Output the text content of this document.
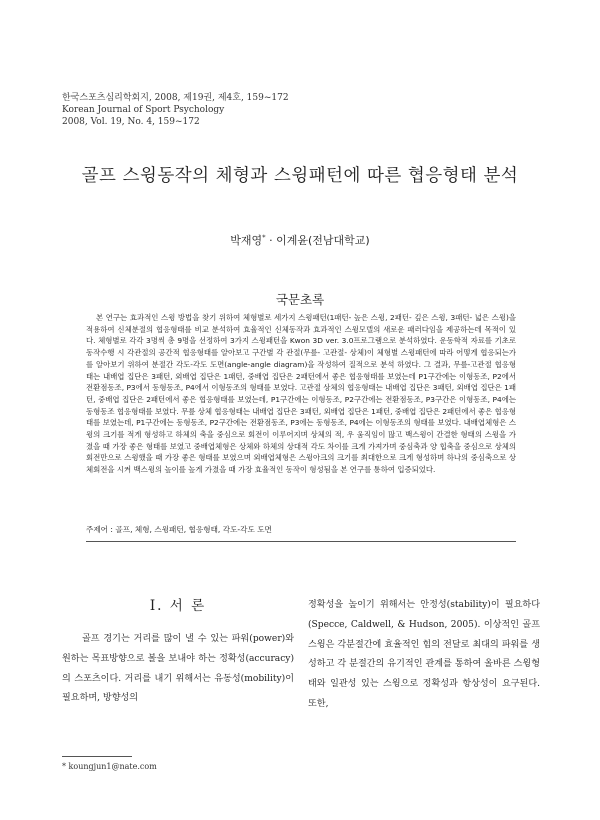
한국스포츠심리학회지, 2008, 제19권, 제4호, 159~172
Korean Journal of Sport Psychology
2008, Vol. 19, No. 4, 159~172
골프 스윙동작의 체형과 스윙패턴에 따른 협응형태 분석
박재영* · 이계윤(전남대학교)
국문초록

본 연구는 효과적인 스윙 방법을 찾기 위하여 체형별로 세가지 스윙패턴(1패턴- 높은 스윙, 2패턴- 깊은 스윙, 3패턴- 넓은 스윙)을 적용하여 신체분절의 협응형태를 비교 분석하여 효율적인 신체동작과 효과적인 스윙모델의 새로운 패러다임을 제공하는데 목적이 있다. 체형별로 각각 3명씩 총 9명을 선정하여 3가지 스윙패턴을 Kwon 3D ver. 3.0프로그램으로 분석하였다. 운동학적 자료를 기초로 동작수행 시 각관절의 공간적 협응형태를 알아보고 구간별 각 관절(무릎- 고관절- 상체)이 체형별 스윙패턴에 따라 어떻게 협응되는가를 알아보기 위하여 분절간 각도-각도 도면(angle-angle diagram)을 작성하여 질적으로 분석 하였다. 그 결과, 무릎-고관절 협응형태는 내배엽 집단은 3패턴, 외배엽 집단은 1패턴, 중배엽 집단은 2패턴에서 좋은 협응형태를 보였는데 P1구간에는 이형동조, P2에서 전환점동조, P3에서 동형동조, P4에서 이형동조의 형태를 보였다. 고관절 상체의 협응형태는 내배엽 집단은 3패턴, 외배엽 집단은 1패턴, 중배엽 집단은 2패턴에서 좋은 협응형태를 보였는데, P1구간에는 이형동조, P2구간에는 전환점동조, P3구간은 이형동조, P4에는 동형동조 협응형태를 보였다. 무릎 상체 협응형태는 내배엽 집단은 3패턴, 외배엽 집단은 1패턴, 중배엽 집단은 2패턴에서 좋은 협응형태를 보였는데, P1구간에는 동형동조, P2구간에는 전환점동조, P3에는 동형동조, P4에는 이형동조의 형태를 보였다. 내배엽체형은 스윙의 크기를 적게 형성하고 하체의 축을 중심으로 회전이 이루어지며 상체의 적, 우 움직임이 많고 백스윙이 간결한 형태의 스윙을 가졌을 때 가장 좋은 형태를 보였고 중배엽체형은 상체와 하체의 상대적 각도 차이를 크게 가져가며 중심축과 양 힙축을 중심으로 상체의 회전만으로 스윙했을 때 가장 좋은 형태를 보였으며 외배엽체형은 스윙아크의 크기를 최대한으로 크게 형성하며 하나의 중심축으로 상체회전을 시켜 백스윙의 높이를 높게 가졌을 때 가장 효율적인 동작이 형성됨을 본 연구를 통하여 입증되었다.

주제어 : 골프, 체형, 스윙패턴, 협응형태, 각도-각도 도면
I. 서 론

골프 경기는 거리를 많이 낼 수 있는 파워(power)와 원하는 목표방향으로 볼을 보내야 하는 정확성(accuracy)의 스포츠이다. 거리를 내기 위해서는 유동성(mobility)이 필요하며, 방향성의

정확성을 높이기 위해서는 안정성(stability)이 필요하다(Specce, Caldwell, & Hudson, 2005). 이상적인 골프스윙은 각분절간에 효율적인 힘의 전달로 최대의 파워를 생성하고 각 분절간의 유기적인 관계를 통하여 올바른 스윙형태와 일관성 있는 스윙으로 정확성과 항상성이 요구된다. 또한,

* koungjun1@nate.com
